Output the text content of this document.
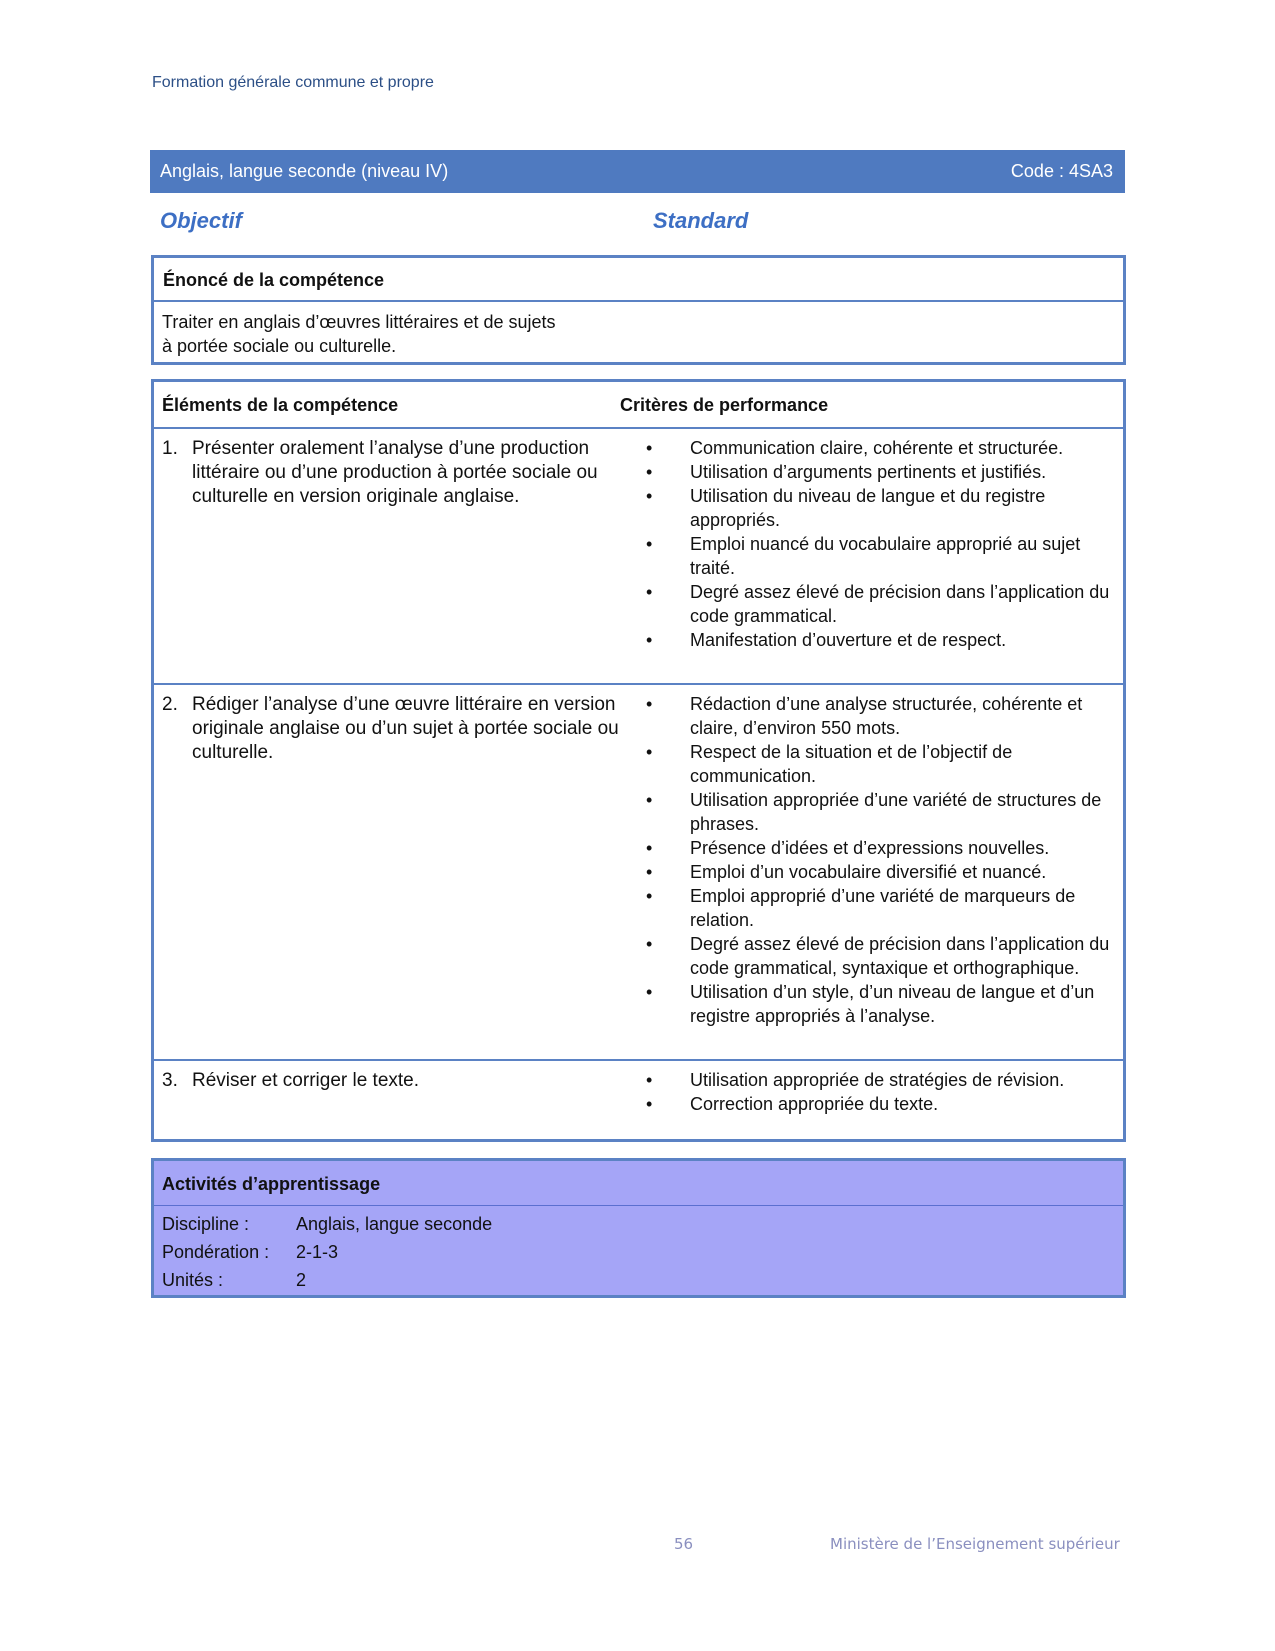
Formation générale commune et propre
Anglais, langue seconde (niveau IV)	Code : 4SA3
Objectif	Standard
Énoncé de la compétence
Traiter en anglais d’œuvres littéraires et de sujets
à portée sociale ou culturelle.
Éléments de la compétence	Critères de performance
1. Présenter oralement l’analyse d’une production littéraire ou d’une production à portée sociale ou culturelle en version originale anglaise.
• Communication claire, cohérente et structurée.
• Utilisation d’arguments pertinents et justifiés.
• Utilisation du niveau de langue et du registre appropriés.
• Emploi nuancé du vocabulaire approprié au sujet traité.
• Degré assez élevé de précision dans l’application du code grammatical.
• Manifestation d’ouverture et de respect.
2. Rédiger l’analyse d’une œuvre littéraire en version originale anglaise ou d’un sujet à portée sociale ou culturelle.
• Rédaction d’une analyse structurée, cohérente et claire, d’environ 550 mots.
• Respect de la situation et de l’objectif de communication.
• Utilisation appropriée d’une variété de structures de phrases.
• Présence d’idées et d’expressions nouvelles.
• Emploi d’un vocabulaire diversifié et nuancé.
• Emploi approprié d’une variété de marqueurs de relation.
• Degré assez élevé de précision dans l’application du code grammatical, syntaxique et orthographique.
• Utilisation d’un style, d’un niveau de langue et d’un registre appropriés à l’analyse.
3. Réviser et corriger le texte.
•	Utilisation appropriée de stratégies de révision.
• Correction appropriée du texte.
Activités d’apprentissage
Discipline :	Anglais, langue seconde
Pondération : 2-1-3
Unités :	2
56	Ministère de l’Enseignement supérieur
